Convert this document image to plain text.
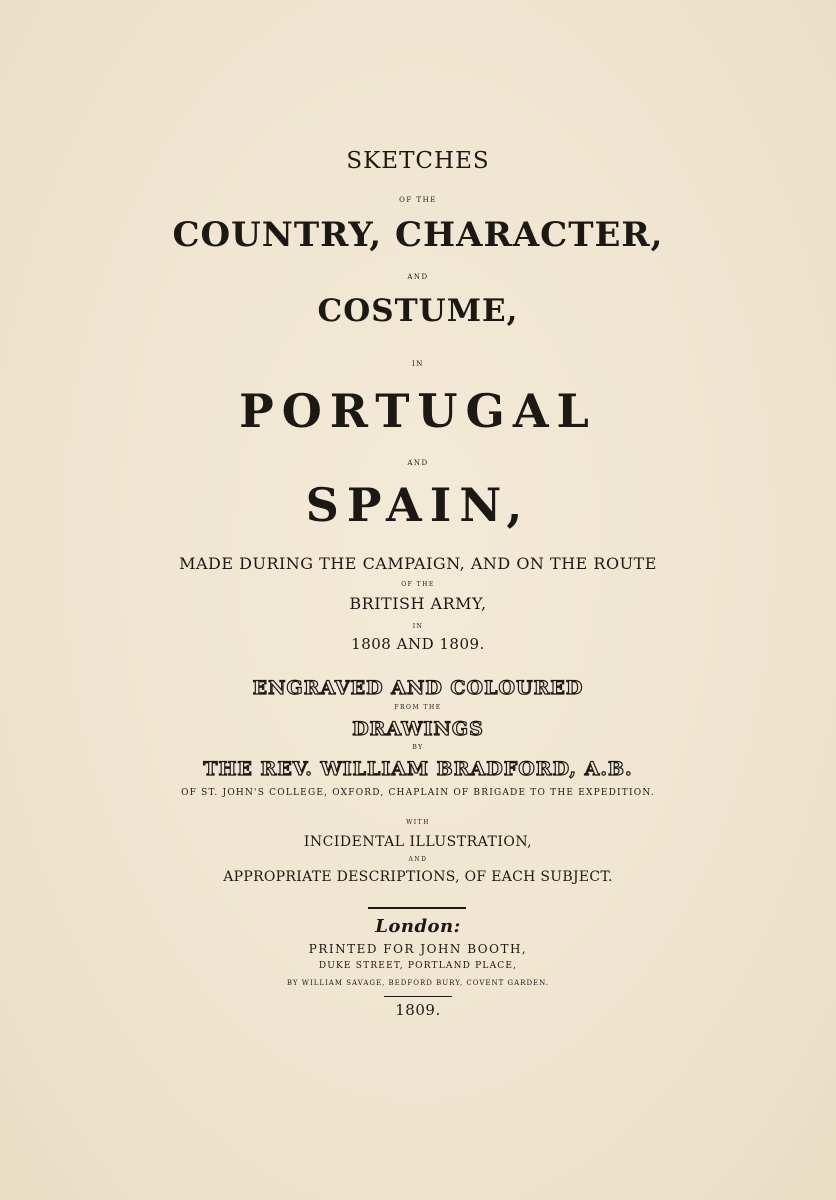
SKETCHES
OF THE
COUNTRY, CHARACTER,
AND
COSTUME,
IN
PORTUGAL
AND
SPAIN,
MADE DURING THE CAMPAIGN, AND ON THE ROUTE
OF THE
BRITISH ARMY,
IN
1808 AND 1809.
ENGRAVED AND COLOURED
FROM THE
DRAWINGS
BY
THE REV. WILLIAM BRADFORD, A.B.
OF ST. JOHN'S COLLEGE, OXFORD, CHAPLAIN OF BRIGADE TO THE EXPEDITION.
WITH
INCIDENTAL ILLUSTRATION,
AND
APPROPRIATE DESCRIPTIONS, OF EACH SUBJECT.
London:
PRINTED FOR JOHN BOOTH,
DUKE STREET, PORTLAND PLACE,
BY WILLIAM SAVAGE, BEDFORD BURY, COVENT GARDEN.
1809.
